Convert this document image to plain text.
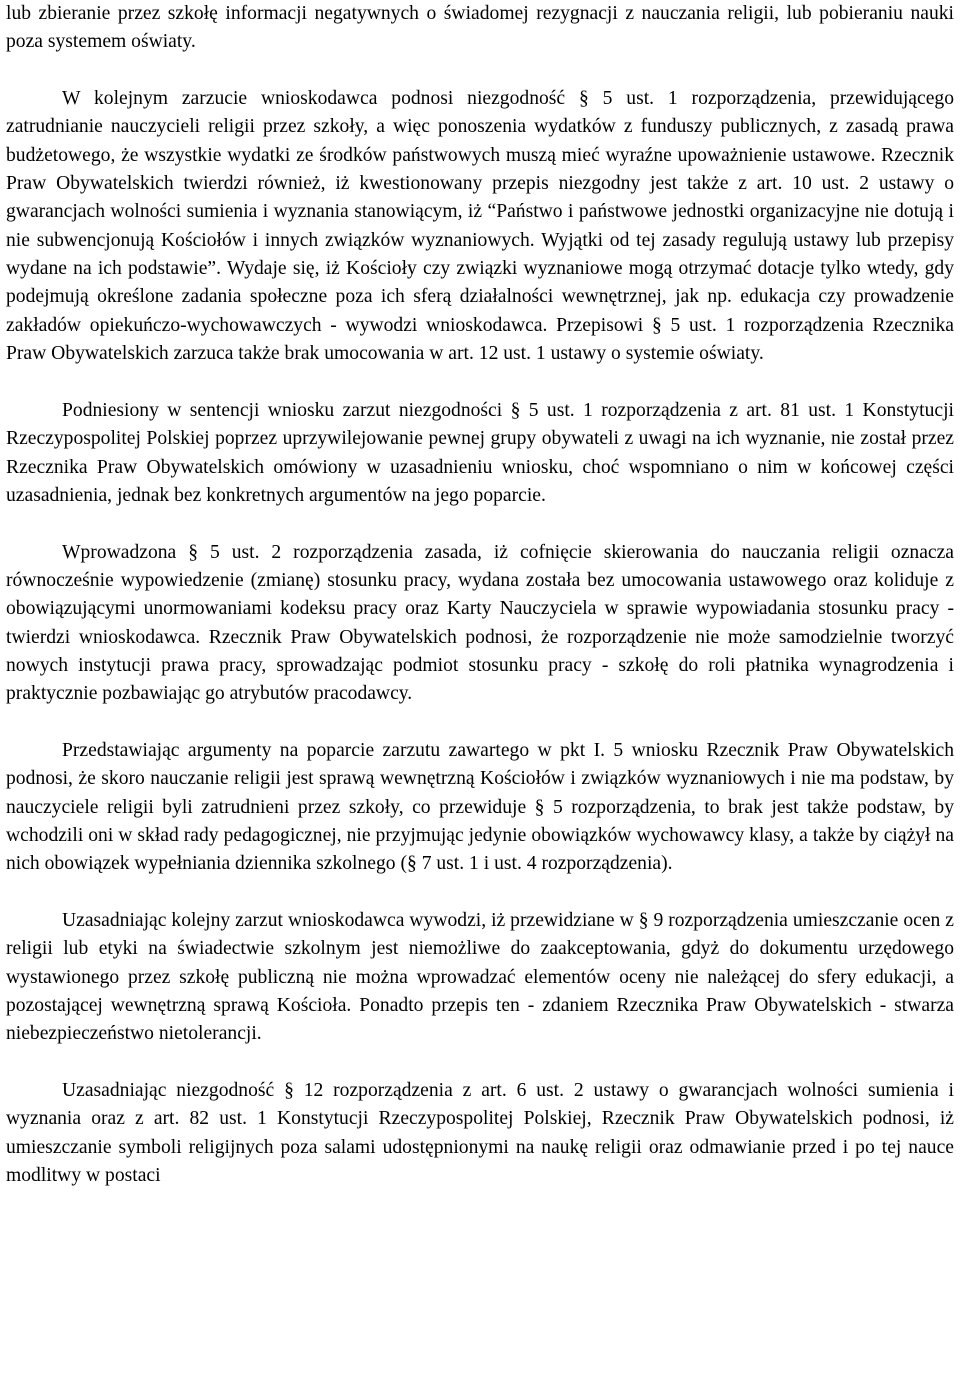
lub zbieranie przez szkołę informacji negatywnych o świadomej rezygnacji z nauczania religii, lub pobieraniu nauki poza systemem oświaty.

W kolejnym zarzucie wnioskodawca podnosi niezgodność § 5 ust. 1 rozporządzenia, przewidującego zatrudnianie nauczycieli religii przez szkoły, a więc ponoszenia wydatków z funduszy publicznych, z zasadą prawa budżetowego, że wszystkie wydatki ze środków państwowych muszą mieć wyraźne upoważnienie ustawowe. Rzecznik Praw Obywatelskich twierdzi również, iż kwestionowany przepis niezgodny jest także z art. 10 ust. 2 ustawy o gwarancjach wolności sumienia i wyznania stanowiącym, iż “Państwo i państwowe jednostki organizacyjne nie dotują i nie subwencjonują Kościołów i innych związków wyznaniowych. Wyjątki od tej zasady regulują ustawy lub przepisy wydane na ich podstawie”. Wydaje się, iż Kościoły czy związki wyznaniowe mogą otrzymać dotacje tylko wtedy, gdy podejmują określone zadania społeczne poza ich sferą działalności wewnętrznej, jak np. edukacja czy prowadzenie zakładów opiekuńczo-wychowawczych - wywodzi wnioskodawca. Przepisowi § 5 ust. 1 rozporządzenia Rzecznika Praw Obywatelskich zarzuca także brak umocowania w art. 12 ust. 1 ustawy o systemie oświaty.

Podniesiony w sentencji wniosku zarzut niezgodności § 5 ust. 1 rozporządzenia z art. 81 ust. 1 Konstytucji Rzeczypospolitej Polskiej poprzez uprzywilejowanie pewnej grupy obywateli z uwagi na ich wyznanie, nie został przez Rzecznika Praw Obywatelskich omówiony w uzasadnieniu wniosku, choć wspomniano o nim w końcowej części uzasadnienia, jednak bez konkretnych argumentów na jego poparcie.

Wprowadzona § 5 ust. 2 rozporządzenia zasada, iż cofnięcie skierowania do nauczania religii oznacza równocześnie wypowiedzenie (zmianę) stosunku pracy, wydana została bez umocowania ustawowego oraz koliduje z obowiązującymi unormowaniami kodeksu pracy oraz Karty Nauczyciela w sprawie wypowiadania stosunku pracy - twierdzi wnioskodawca. Rzecznik Praw Obywatelskich podnosi, że rozporządzenie nie może samodzielnie tworzyć nowych instytucji prawa pracy, sprowadzając podmiot stosunku pracy - szkołę do roli płatnika wynagrodzenia i praktycznie pozbawiając go atrybutów pracodawcy.

Przedstawiając argumenty na poparcie zarzutu zawartego w pkt I. 5 wniosku Rzecznik Praw Obywatelskich podnosi, że skoro nauczanie religii jest sprawą wewnętrzną Kościołów i związków wyznaniowych i nie ma podstaw, by nauczyciele religii byli zatrudnieni przez szkoły, co przewiduje § 5 rozporządzenia, to brak jest także podstaw, by wchodzili oni w skład rady pedagogicznej, nie przyjmując jedynie obowiązków wychowawcy klasy, a także by ciążył na nich obowiązek wypełniania dziennika szkolnego (§ 7 ust. 1 i ust. 4 rozporządzenia).

Uzasadniając kolejny zarzut wnioskodawca wywodzi, iż przewidziane w § 9 rozporządzenia umieszczanie ocen z religii lub etyki na świadectwie szkolnym jest niemożliwe do zaakceptowania, gdyż do dokumentu urzędowego wystawionego przez szkołę publiczną nie można wprowadzać elementów oceny nie należącej do sfery edukacji, a pozostającej wewnętrzną sprawą Kościoła. Ponadto przepis ten - zdaniem Rzecznika Praw Obywatelskich - stwarza niebezpieczeństwo nietolerancji.

Uzasadniając niezgodność § 12 rozporządzenia z art. 6 ust. 2 ustawy o gwarancjach wolności sumienia i wyznania oraz z art. 82 ust. 1 Konstytucji Rzeczypospolitej Polskiej, Rzecznik Praw Obywatelskich podnosi, iż umieszczanie symboli religijnych poza salami udostępnionymi na naukę religii oraz odmawianie przed i po tej nauce modlitwy w postaci
